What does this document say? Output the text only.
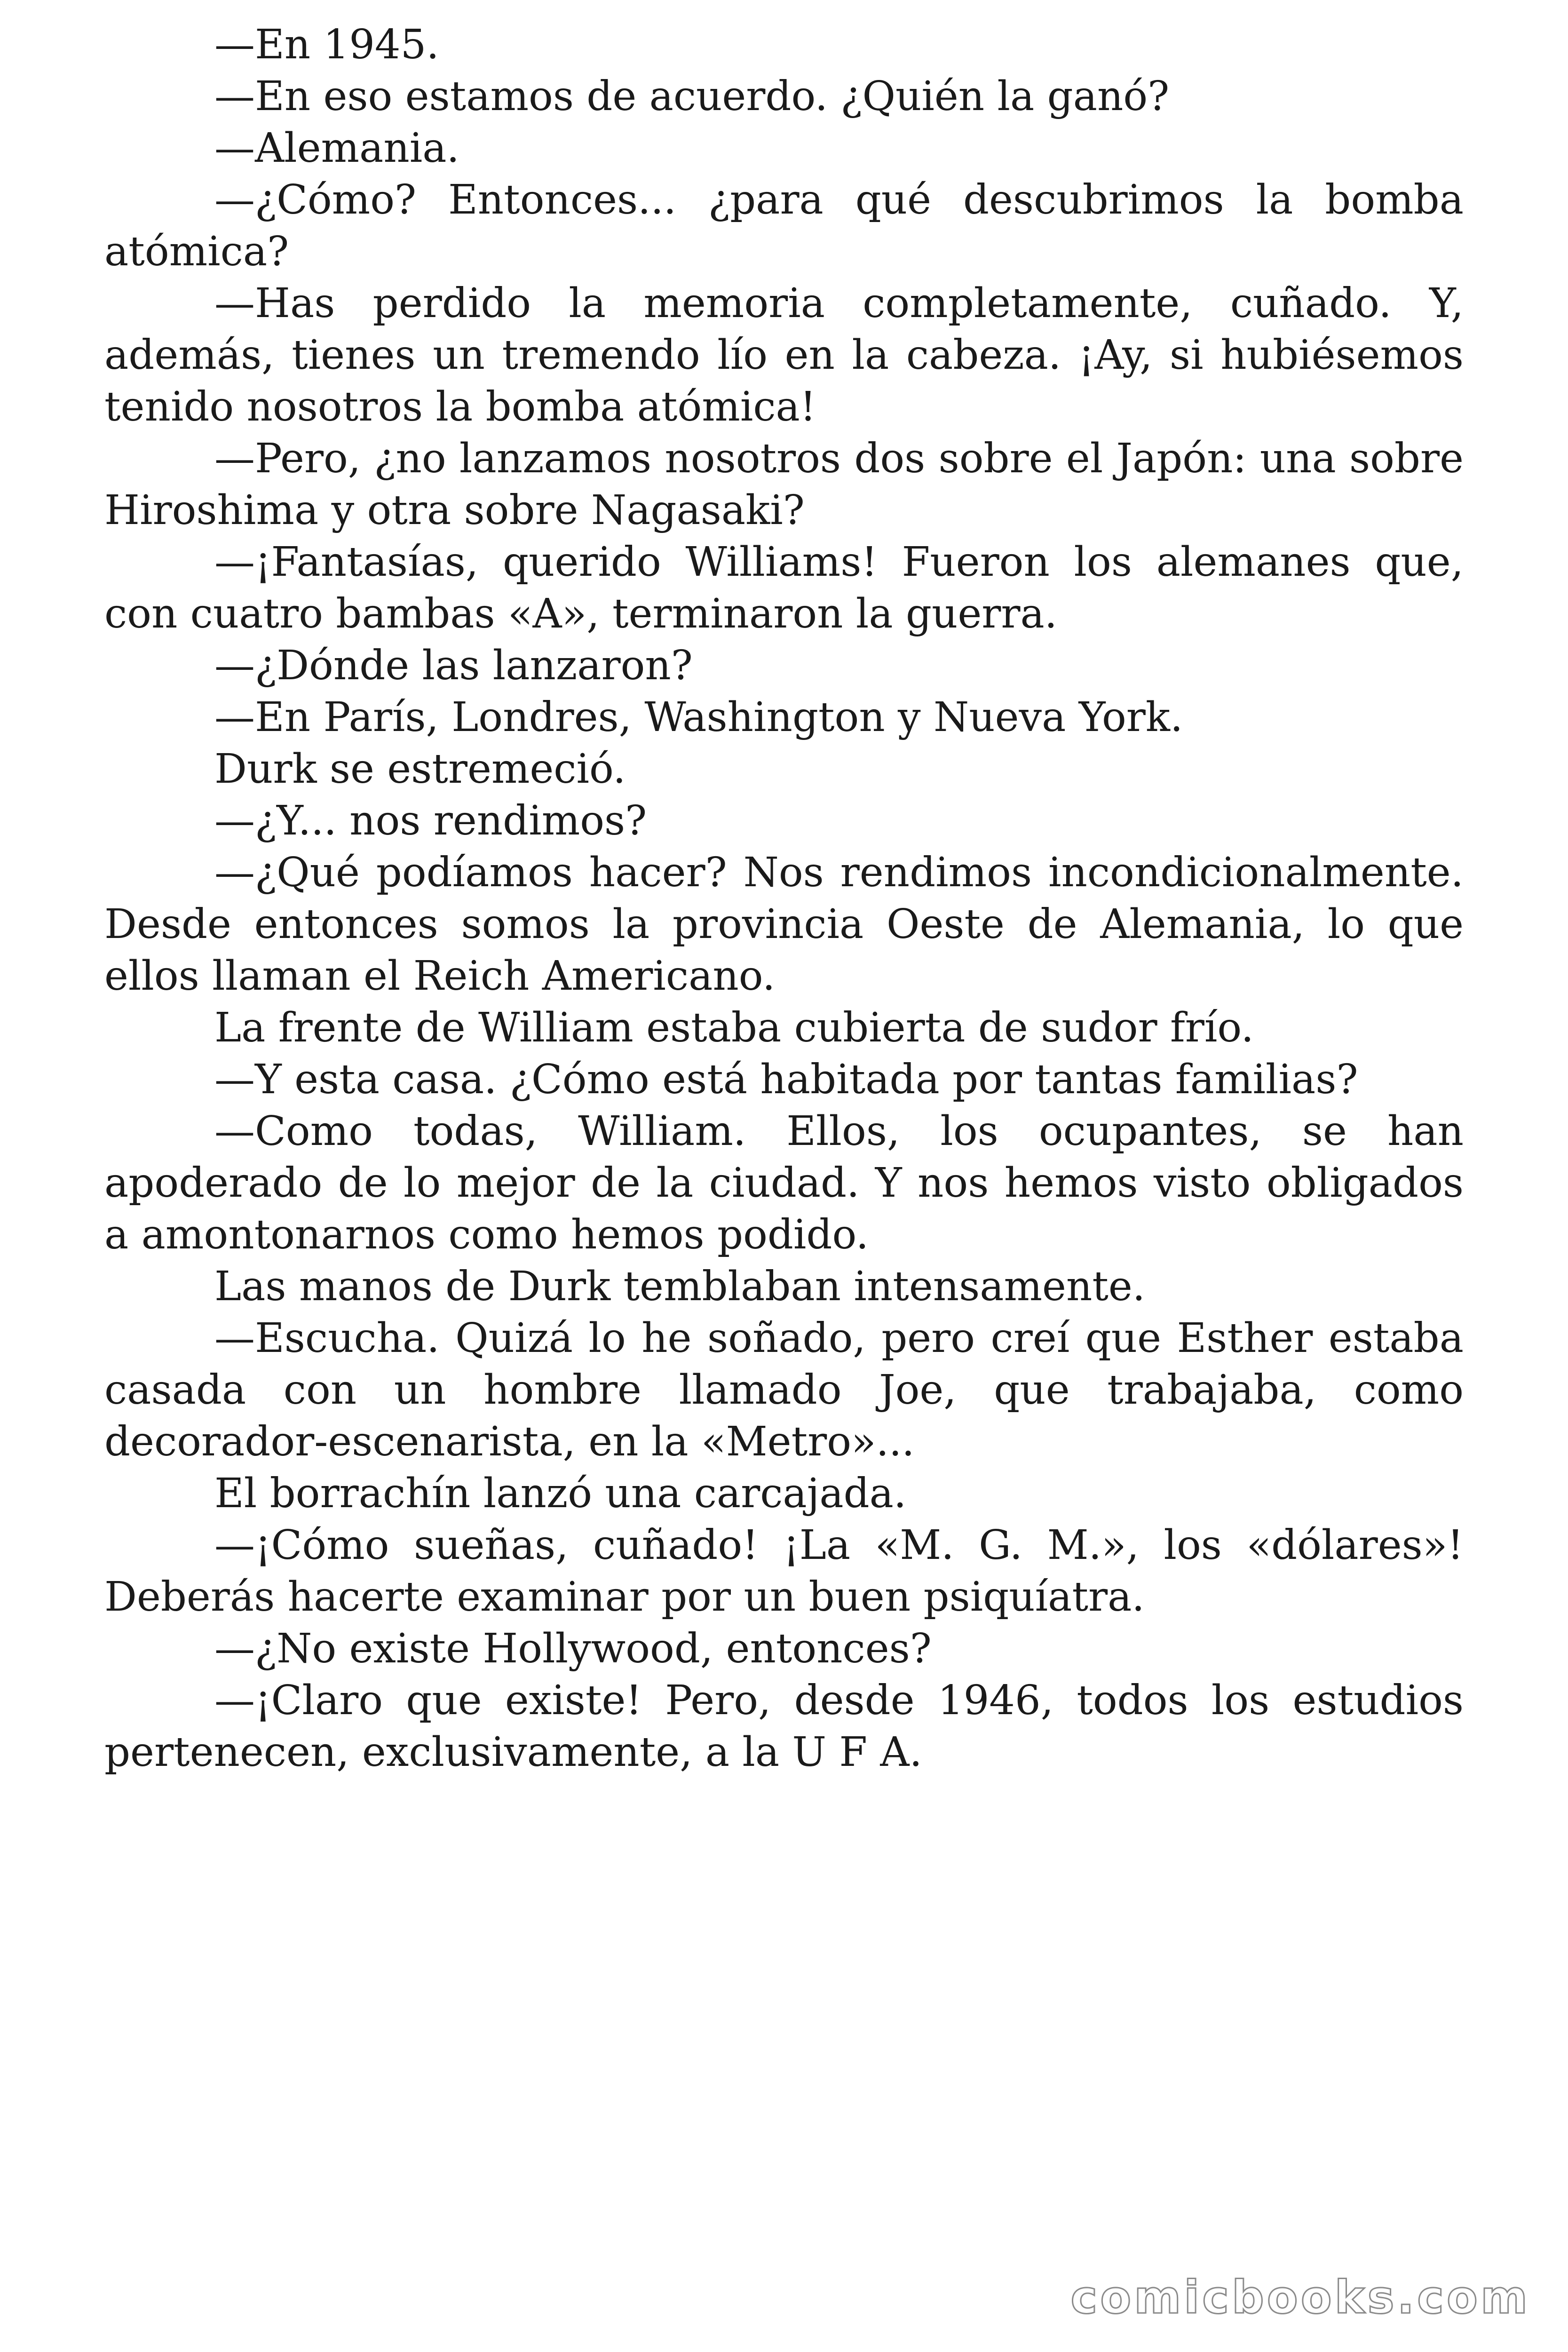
—En 1945.

—En eso estamos de acuerdo. ¿Quién la ganó?

—Alemania.

—¿Cómo? Entonces... ¿para qué descubrimos la bomba atómica?

—Has perdido la memoria completamente, cuñado. Y, además, tienes un tremendo lío en la cabeza. ¡Ay, si hubiésemos tenido nosotros la bomba atómica!

—Pero, ¿no lanzamos nosotros dos sobre el Japón: una sobre Hiroshima y otra sobre Nagasaki?

—¡Fantasías, querido Williams! Fueron los alemanes que, con cuatro bambas «A», terminaron la guerra.

—¿Dónde las lanzaron?

—En París, Londres, Washington y Nueva York.

Durk se estremeció.

—¿Y... nos rendimos?

—¿Qué podíamos hacer? Nos rendimos incondicionalmente. Desde entonces somos la provincia Oeste de Alemania, lo que ellos llaman el Reich Americano.

La frente de William estaba cubierta de sudor frío.

—Y esta casa. ¿Cómo está habitada por tantas familias?

—Como todas, William. Ellos, los ocupantes, se han apoderado de lo mejor de la ciudad. Y nos hemos visto obligados a amontonarnos como hemos podido.

Las manos de Durk temblaban intensamente.

—Escucha. Quizá lo he soñado, pero creí que Esther estaba casada con un hombre llamado Joe, que trabajaba, como decorador-escenarista, en la «Metro»...

El borrachín lanzó una carcajada.

—¡Cómo sueñas, cuñado! ¡La «M. G. M.», los «dólares»! Deberás hacerte examinar por un buen psiquíatra.

—¿No existe Hollywood, entonces?

—¡Claro que existe! Pero, desde 1946, todos los estudios pertenecen, exclusivamente, a la U F A.

comicbooks.com
